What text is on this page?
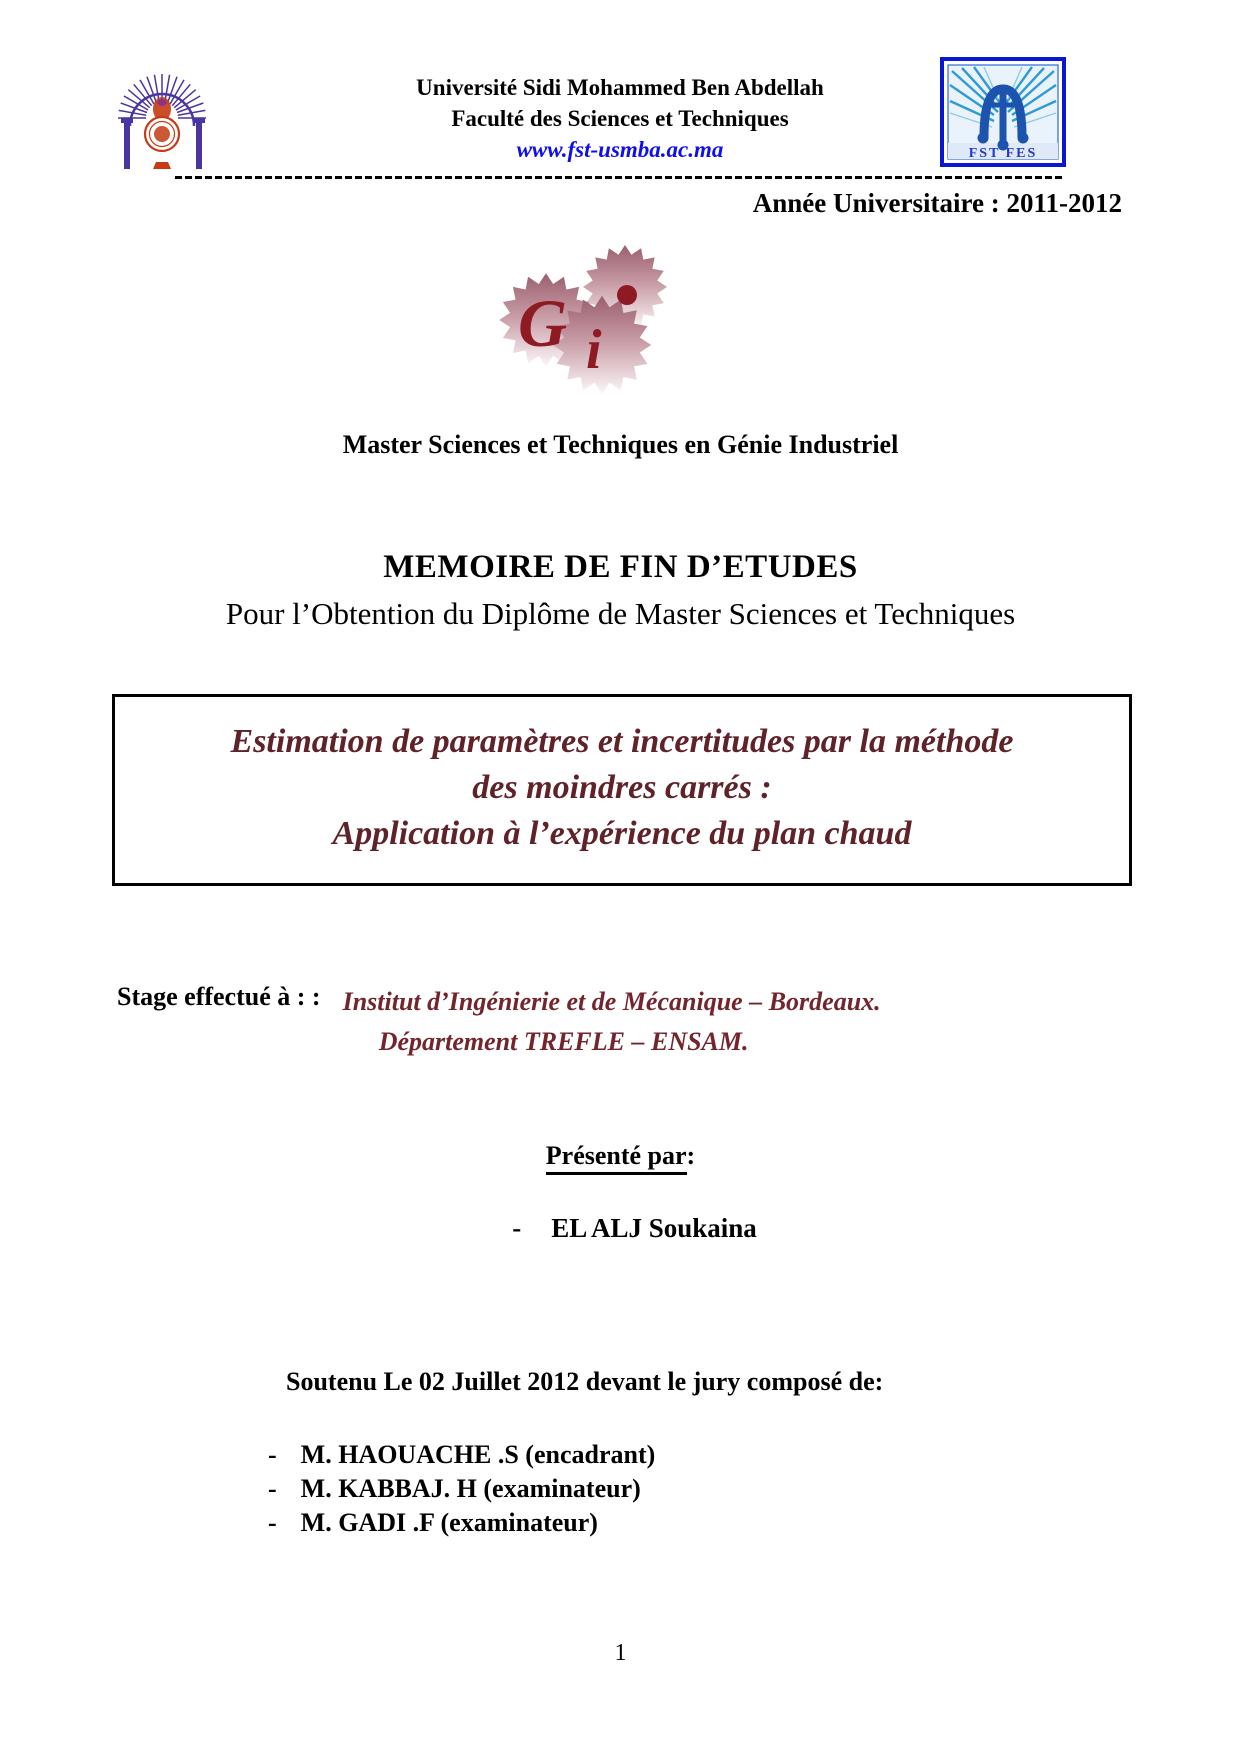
Université Sidi Mohammed Ben Abdellah
Faculté des Sciences et Techniques
www.fst-usmba.ac.ma	FST FES
Année Universitaire : 2011-2012
G i
Master Sciences et Techniques en Génie Industriel
MEMOIRE DE FIN D’ETUDES
Pour l’Obtention du Diplôme de Master Sciences et Techniques
Estimation de paramètres et incertitudes par la méthode
des moindres carrés :
Application à l’expérience du plan chaud
Stage effectué à : : Institut d’Ingénierie et de Mécanique – Bordeaux.
Département TREFLE – ENSAM.
Présenté par:
- EL ALJ Soukaina
Soutenu Le 02 Juillet 2012 devant le jury composé de:
- M. HAOUACHE .S (encadrant)
- M. KABBAJ. H (examinateur)
- M. GADI .F (examinateur)
1
